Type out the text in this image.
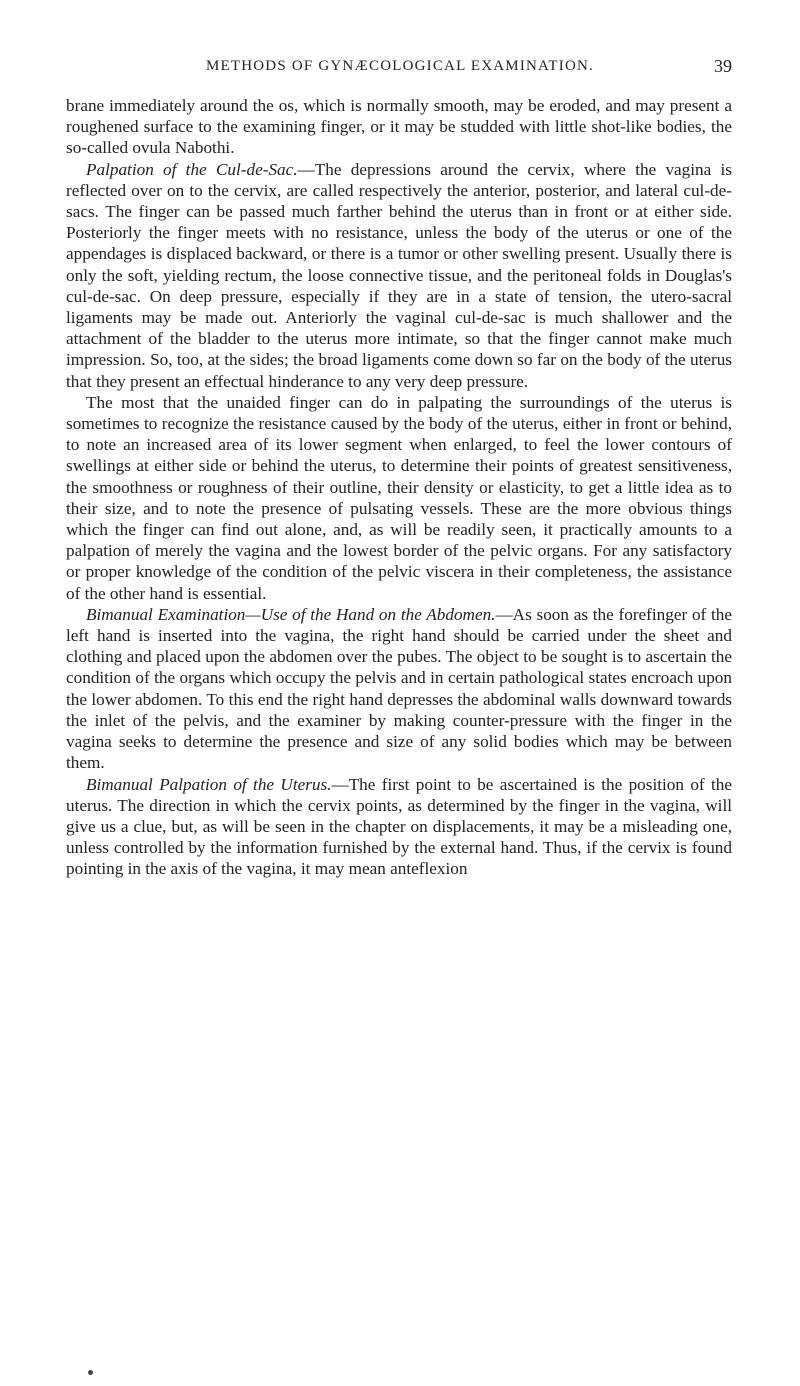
METHODS OF GYNÆCOLOGICAL EXAMINATION.	39

brane immediately around the os, which is normally smooth, may be eroded, and may present a roughened surface to the examining finger, or it may be studded with little shot-like bodies, the so-called ovula Nabothi.

Palpation of the Cul-de-Sac.—The depressions around the cervix, where the vagina is reflected over on to the cervix, are called respectively the anterior, posterior, and lateral cul-de-sacs. The finger can be passed much farther behind the uterus than in front or at either side. Posteriorly the finger meets with no resistance, unless the body of the uterus or one of the appendages is displaced backward, or there is a tumor or other swelling present. Usually there is only the soft, yielding rectum, the loose connective tissue, and the peritoneal folds in Douglas's cul-de-sac. On deep pressure, especially if they are in a state of tension, the utero-sacral ligaments may be made out. Anteriorly the vaginal cul-de-sac is much shallower and the attachment of the bladder to the uterus more intimate, so that the finger cannot make much impression. So, too, at the sides; the broad ligaments come down so far on the body of the uterus that they present an effectual hinderance to any very deep pressure.

The most that the unaided finger can do in palpating the surroundings of the uterus is sometimes to recognize the resistance caused by the body of the uterus, either in front or behind, to note an increased area of its lower segment when enlarged, to feel the lower contours of swellings at either side or behind the uterus, to determine their points of greatest sensitiveness, the smoothness or roughness of their outline, their density or elasticity, to get a little idea as to their size, and to note the presence of pulsating vessels. These are the more obvious things which the finger can find out alone, and, as will be readily seen, it practically amounts to a palpation of merely the vagina and the lowest border of the pelvic organs. For any satisfactory or proper knowledge of the condition of the pelvic viscera in their completeness, the assistance of the other hand is essential.

Bimanual Examination—Use of the Hand on the Abdomen.—As soon as the forefinger of the left hand is inserted into the vagina, the right hand should be carried under the sheet and clothing and placed upon the abdomen over the pubes. The object to be sought is to ascertain the condition of the organs which occupy the pelvis and in certain pathological states encroach upon the lower abdomen. To this end the right hand depresses the abdominal walls downward towards the inlet of the pelvis, and the examiner by making counter-pressure with the finger in the vagina seeks to determine the presence and size of any solid bodies which may be between them.

Bimanual Palpation of the Uterus.—The first point to be ascertained is the position of the uterus. The direction in which the cervix points, as determined by the finger in the vagina, will give us a clue, but, as will be seen in the chapter on displacements, it may be a misleading one, unless controlled by the information furnished by the external hand. Thus, if the cervix is found pointing in the axis of the vagina, it may mean anteflexion
